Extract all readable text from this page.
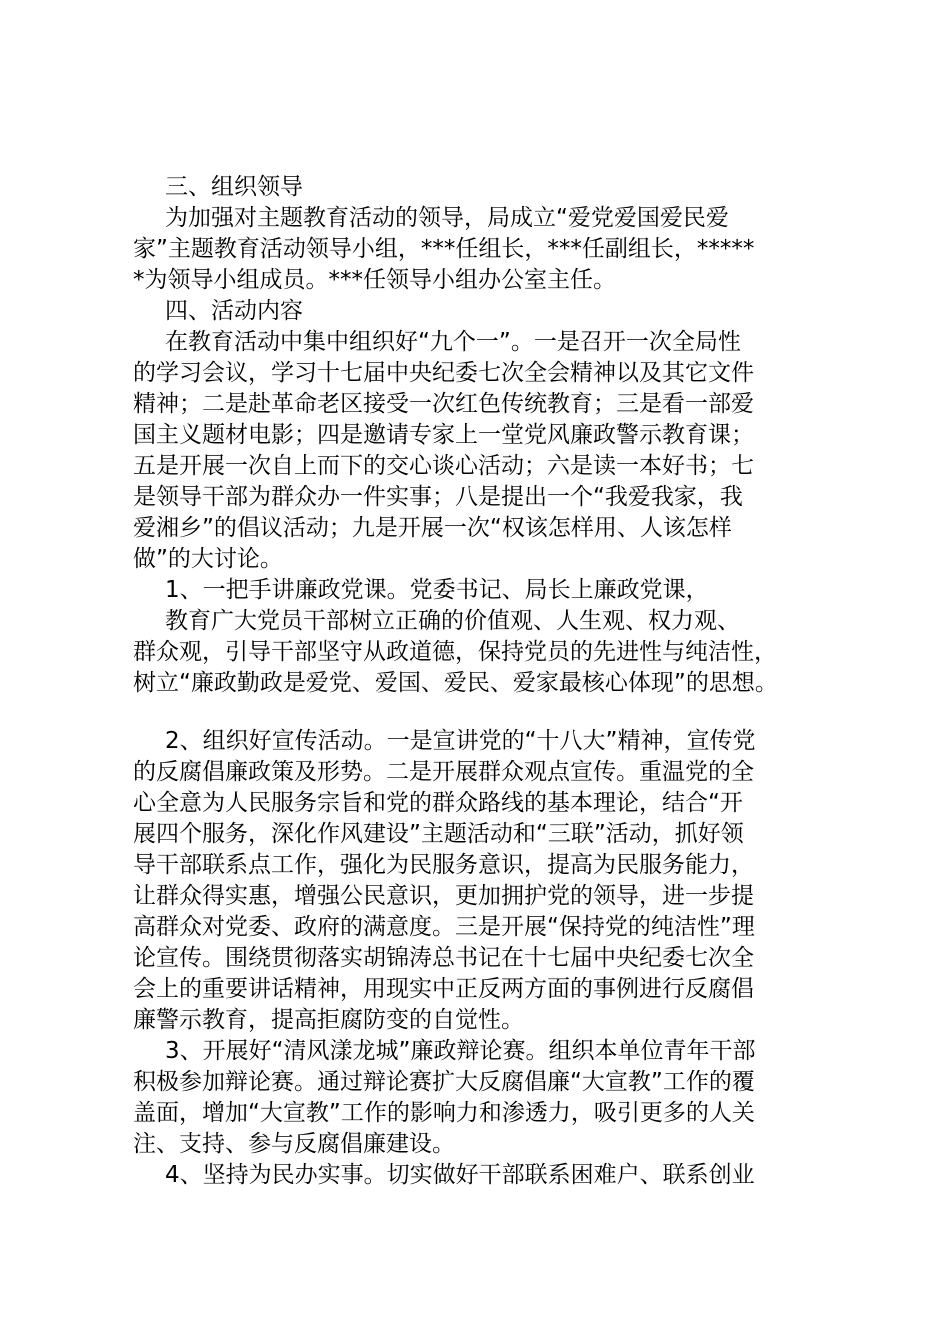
三、组织领导

为加强对主题教育活动的领导，局成立“爱党爱国爱民爱

家”主题教育活动领导小组，***任组长，***任副组长，*****

*为领导小组成员。***任领导小组办公室主任。

四、活动内容

在教育活动中集中组织好“九个一”。一是召开一次全局性

的学习会议，学习十七届中央纪委七次全会精神以及其它文件

精神；二是赴革命老区接受一次红色传统教育；三是看一部爱

国主义题材电影；四是邀请专家上一堂党风廉政警示教育课；

五是开展一次自上而下的交心谈心活动；六是读一本好书；七

是领导干部为群众办一件实事；八是提出一个“我爱我家，我

爱湘乡”的倡议活动；九是开展一次“权该怎样用、人该怎样

做”的大讨论。

1、一把手讲廉政党课。党委书记、局长上廉政党课，

教育广大党员干部树立正确的价值观、人生观、权力观、

群众观，引导干部坚守从政道德，保持党员的先进性与纯洁性，

树立“廉政勤政是爱党、爱国、爱民、爱家最核心体现”的思想。

2、组织好宣传活动。一是宣讲党的“十八大”精神，宣传党

的反腐倡廉政策及形势。二是开展群众观点宣传。重温党的全

心全意为人民服务宗旨和党的群众路线的基本理论，结合“开

展四个服务，深化作风建设”主题活动和“三联”活动，抓好领

导干部联系点工作，强化为民服务意识，提高为民服务能力，

让群众得实惠，增强公民意识，更加拥护党的领导，进一步提

高群众对党委、政府的满意度。三是开展“保持党的纯洁性”理

论宣传。围绕贯彻落实胡锦涛总书记在十七届中央纪委七次全

会上的重要讲话精神，用现实中正反两方面的事例进行反腐倡

廉警示教育，提高拒腐防变的自觉性。

3、开展好“清风漾龙城”廉政辩论赛。组织本单位青年干部

积极参加辩论赛。通过辩论赛扩大反腐倡廉“大宣教”工作的覆

盖面，增加“大宣教”工作的影响力和渗透力，吸引更多的人关

注、支持、参与反腐倡廉建设。

4、坚持为民办实事。切实做好干部联系困难户、联系创业
